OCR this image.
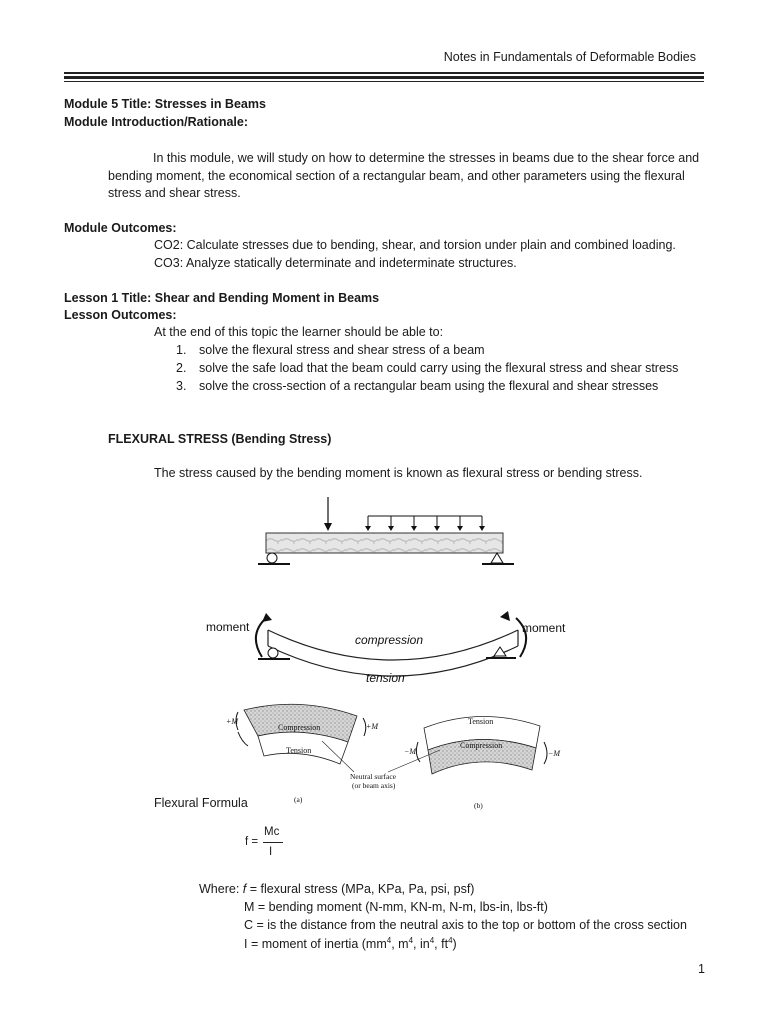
Notes in Fundamentals of Deformable Bodies
Module 5 Title: Stresses in Beams
Module Introduction/Rationale:
In this module, we will study on how to determine the stresses in beams due to the shear force and bending moment, the economical section of a rectangular beam, and other parameters using the flexural stress and shear stress.
Module Outcomes:
CO2: Calculate stresses due to bending, shear, and torsion under plain and combined loading.
CO3: Analyze statically determinate and indeterminate structures.
Lesson 1 Title: Shear and Bending Moment in Beams
Lesson Outcomes:
At the end of this topic the learner should be able to:
1. solve the flexural stress and shear stress of a beam
2. solve the safe load that the beam could carry using the flexural stress and shear stress
3. solve the cross-section of a rectangular beam using the flexural and shear stresses
FLEXURAL STRESS (Bending Stress)
The stress caused by the bending moment is known as flexural stress or bending stress.
moment	moment
compression
tension
+M
+M
Compression
Tension
Tension
Compression
−M	−M
Neutral surface
(or beam axis)
(a)
(b)
Flexural Formula
f =
Mc
I
Where: f = flexural stress (MPa, KPa, Pa, psi, psf)
M = bending moment (N-mm, KN-m, N-m, lbs-in, lbs-ft)
C = is the distance from the neutral axis to the top or bottom of the cross section
I = moment of inertia ($mm^4$, $m^4$, $in^4$, $ft^4$)
1
